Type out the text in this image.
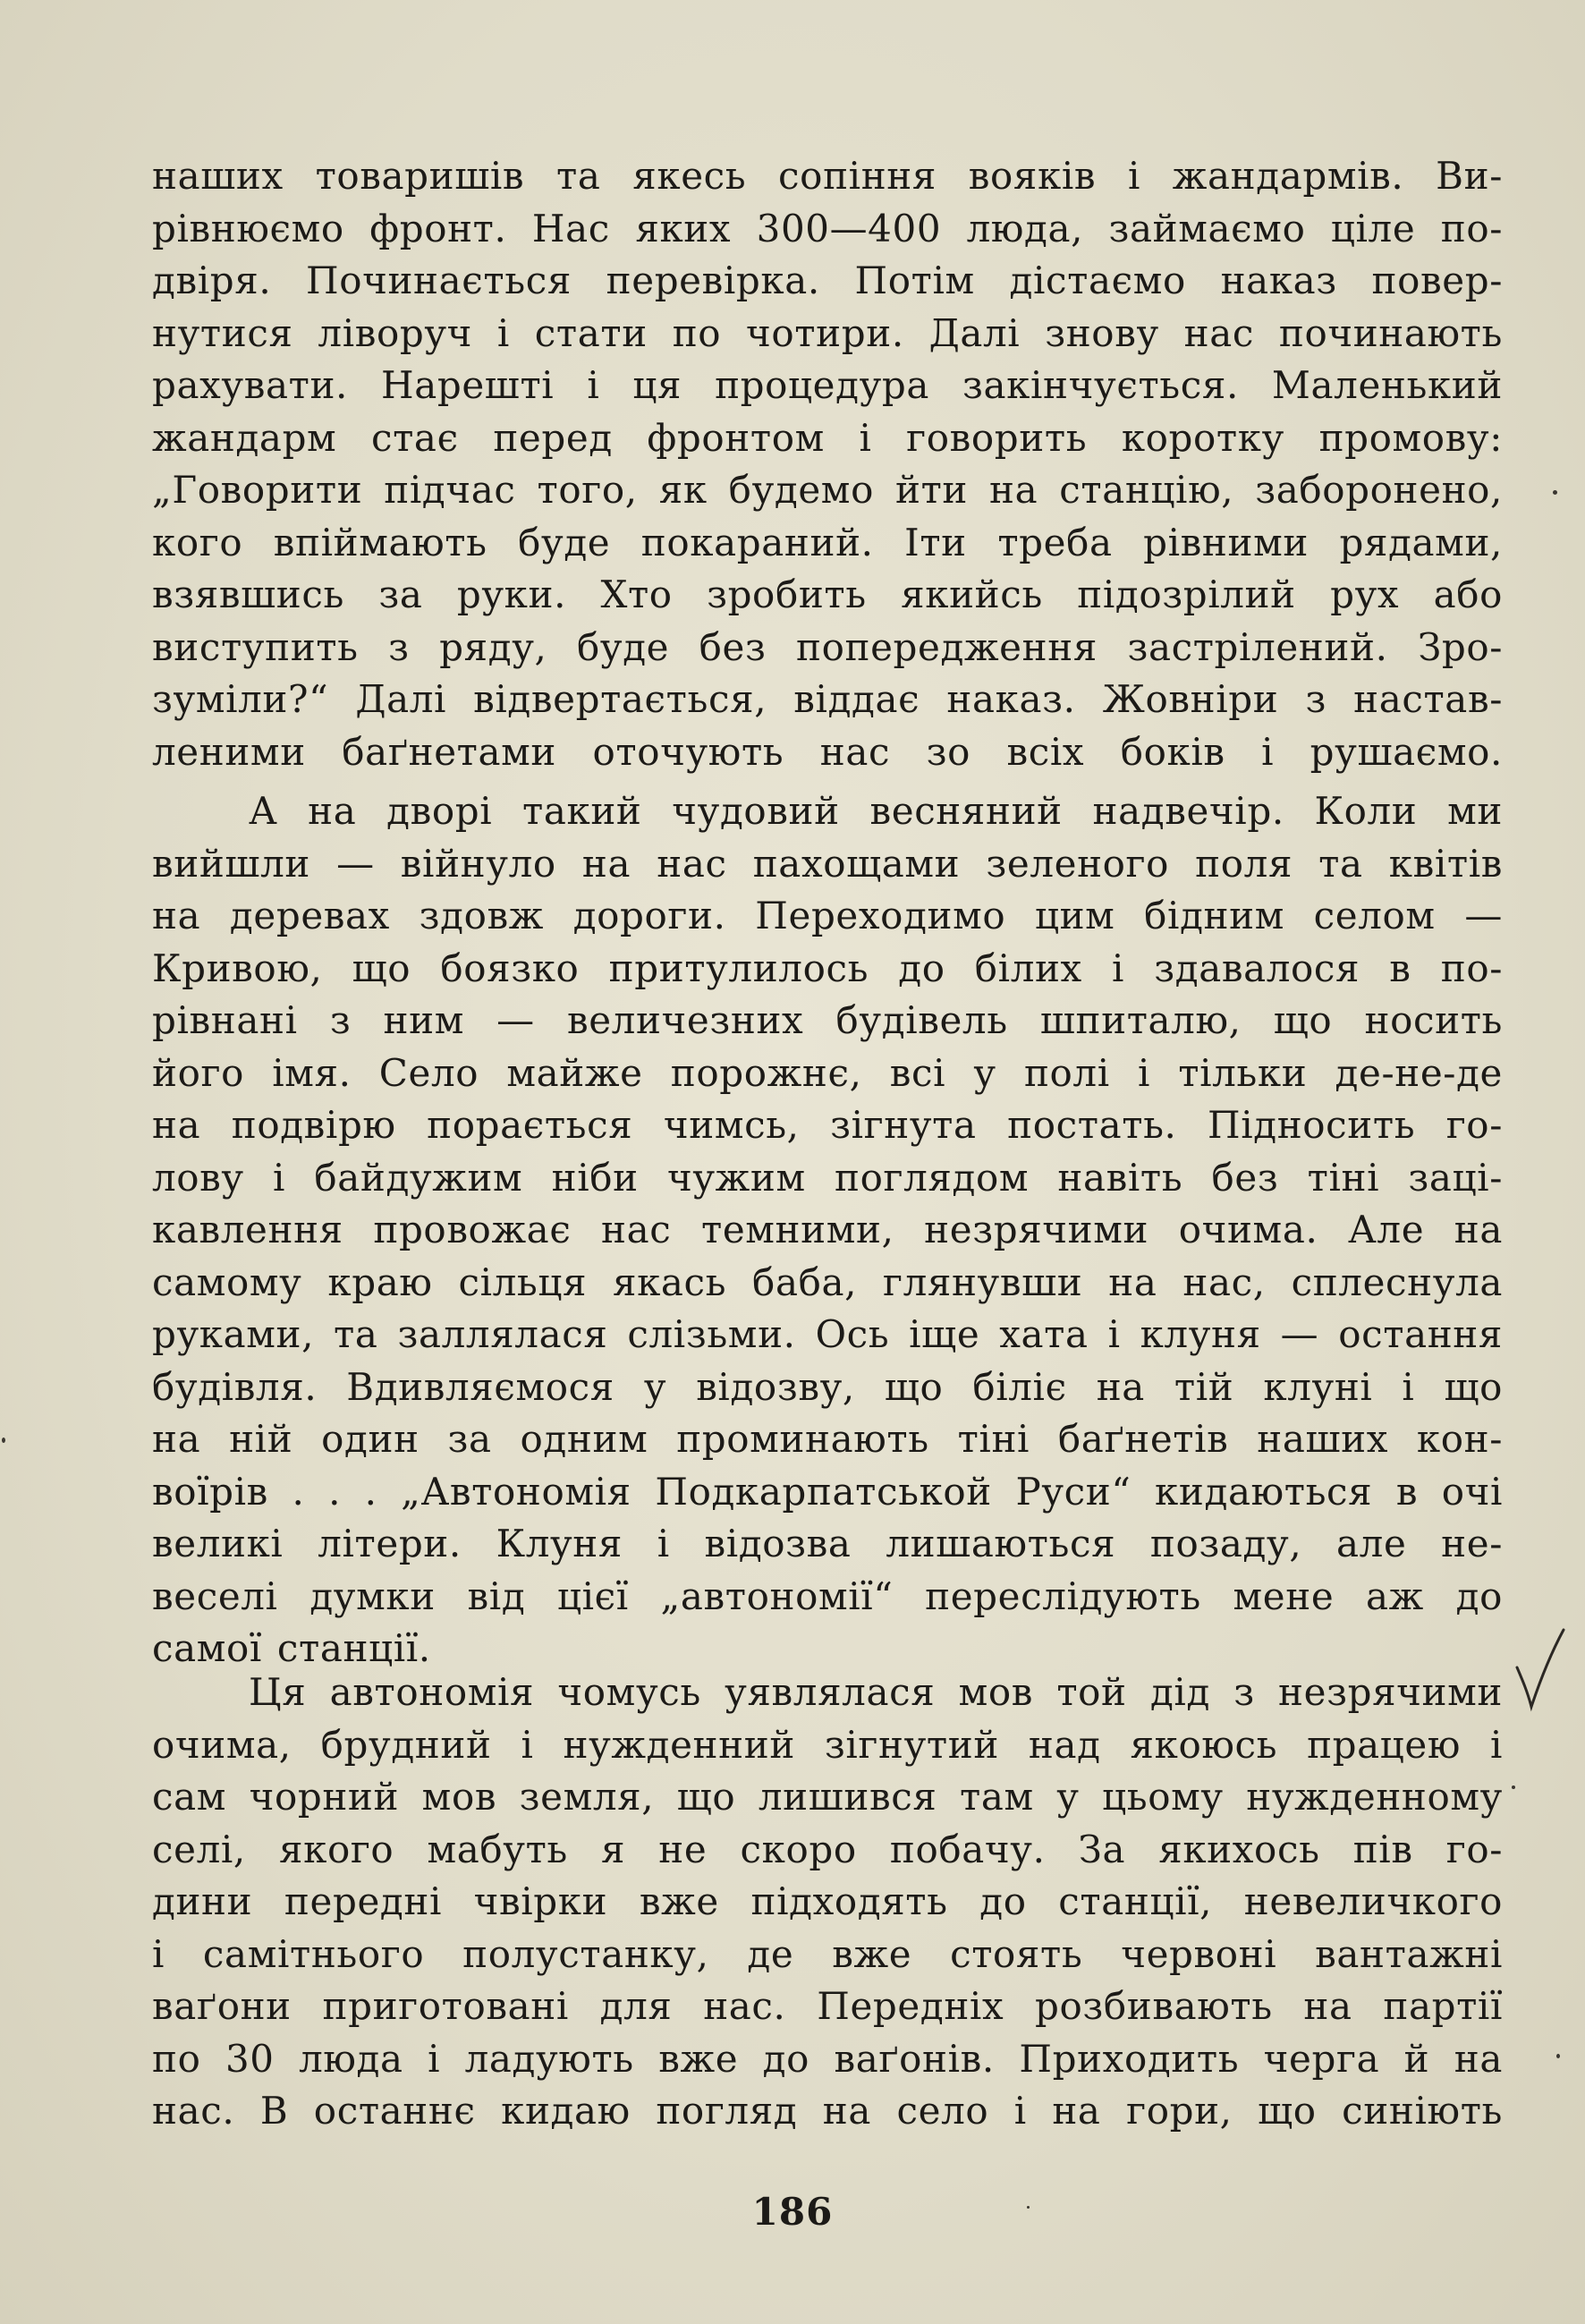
наших товаришів та якесь сопіння вояків і жандармів. Ви-
рівнюємо фронт. Нас яких 300—400 люда, займаємо ціле по-
двіря. Починається перевірка. Потім дістаємо наказ повер-
нутися ліворуч і стати по чотири. Далі знову нас починають
рахувати. Нарешті і ця процедура закінчується. Маленький
жандарм стає перед фронтом і говорить коротку промову:
„Говорити підчас того, як будемо йти на станцію, заборонено,
кого впіймають буде покараний. Іти треба рівними рядами,
взявшись за руки. Хто зробить якийсь підозрілий рух або
виступить з ряду, буде без попередження застрілений. Зро-
зуміли?“ Далі відвертається, віддає наказ. Жовніри з настав-
леними баґнетами оточують нас зо всіх боків і рушаємо.
А на дворі такий чудовий весняний надвечір. Коли ми
вийшли — війнуло на нас пахощами зеленого поля та квітів
на деревах здовж дороги. Переходимо цим бідним селом —
Кривою, що боязко притулилось до білих і здавалося в по-
рівнані з ним — величезних будівель шпиталю, що носить
його імя. Село майже порожнє, всі у полі і тільки де-не-де
на подвірю порається чимсь, зігнута постать. Підносить го-
лову і байдужим ніби чужим поглядом навіть без тіні заці-
кавлення провожає нас темними, незрячими очима. Але на
самому краю сільця якась баба, глянувши на нас, сплеснула
руками, та заллялася слізьми. Ось іще хата і клуня — остання
будівля. Вдивляємося у відозву, що біліє на тій клуні і що
на ній один за одним проминають тіні баґнетів наших кон-
воїрів . . . „Автономія Подкарпатськой Руси“ кидаються в очі
великі літери. Клуня і відозва лишаються позаду, але не-
веселі думки від цієї „автономії“ переслідують мене аж до
самої станції.
Ця автономія чомусь уявлялася мов той дід з незрячими
очима, брудний і нужденний зігнутий над якоюсь працею і
сам чорний мов земля, що лишився там у цьому нужденному
селі, якого мабуть я не скоро побачу. За якихось пів го-
дини передні чвірки вже підходять до станції, невеличкого
і самітнього полустанку, де вже стоять червоні вантажні
ваґони приготовані для нас. Передніх розбивають на партії
по 30 люда і ладують вже до ваґонів. Приходить черга й на
нас. В останнє кидаю погляд на село і на гори, що синіють
186
